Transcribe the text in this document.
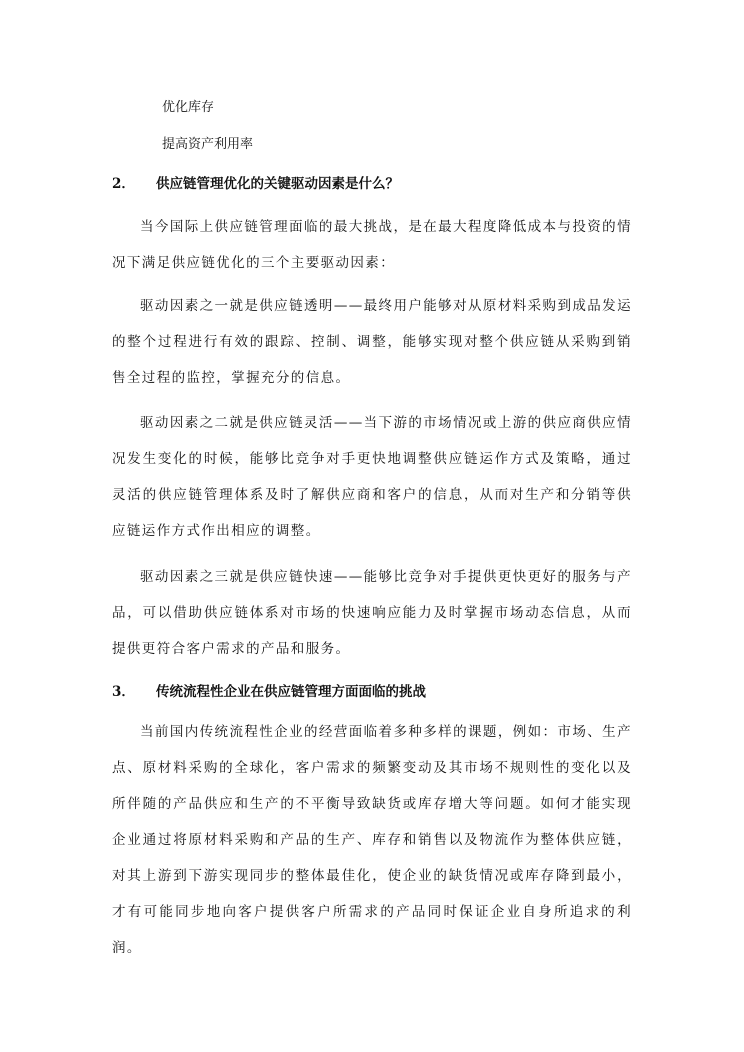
优化库存
提高资产利用率
2． 供应链管理优化的关键驱动因素是什么？

当今国际上供应链管理面临的最大挑战，是在最大程度降低成本与投资的情况下满足供应链优化的三个主要驱动因素：

驱动因素之一就是供应链透明——最终用户能够对从原材料采购到成品发运的整个过程进行有效的跟踪、控制、调整，能够实现对整个供应链从采购到销售全过程的监控，掌握充分的信息。

驱动因素之二就是供应链灵活——当下游的市场情况或上游的供应商供应情况发生变化的时候，能够比竞争对手更快地调整供应链运作方式及策略，通过灵活的供应链管理体系及时了解供应商和客户的信息，从而对生产和分销等供应链运作方式作出相应的调整。

驱动因素之三就是供应链快速——能够比竞争对手提供更快更好的服务与产品，可以借助供应链体系对市场的快速响应能力及时掌握市场动态信息，从而提供更符合客户需求的产品和服务。

3． 传统流程性企业在供应链管理方面面临的挑战

当前国内传统流程性企业的经营面临着多种多样的课题，例如：市场、生产点、原材料采购的全球化，客户需求的频繁变动及其市场不规则性的变化以及所伴随的产品供应和生产的不平衡导致缺货或库存增大等问题。如何才能实现企业通过将原材料采购和产品的生产、库存和销售以及物流作为整体供应链，对其上游到下游实现同步的整体最佳化，使企业的缺货情况或库存降到最小，才有可能同步地向客户提供客户所需求的产品同时保证企业自身所追求的利润。
